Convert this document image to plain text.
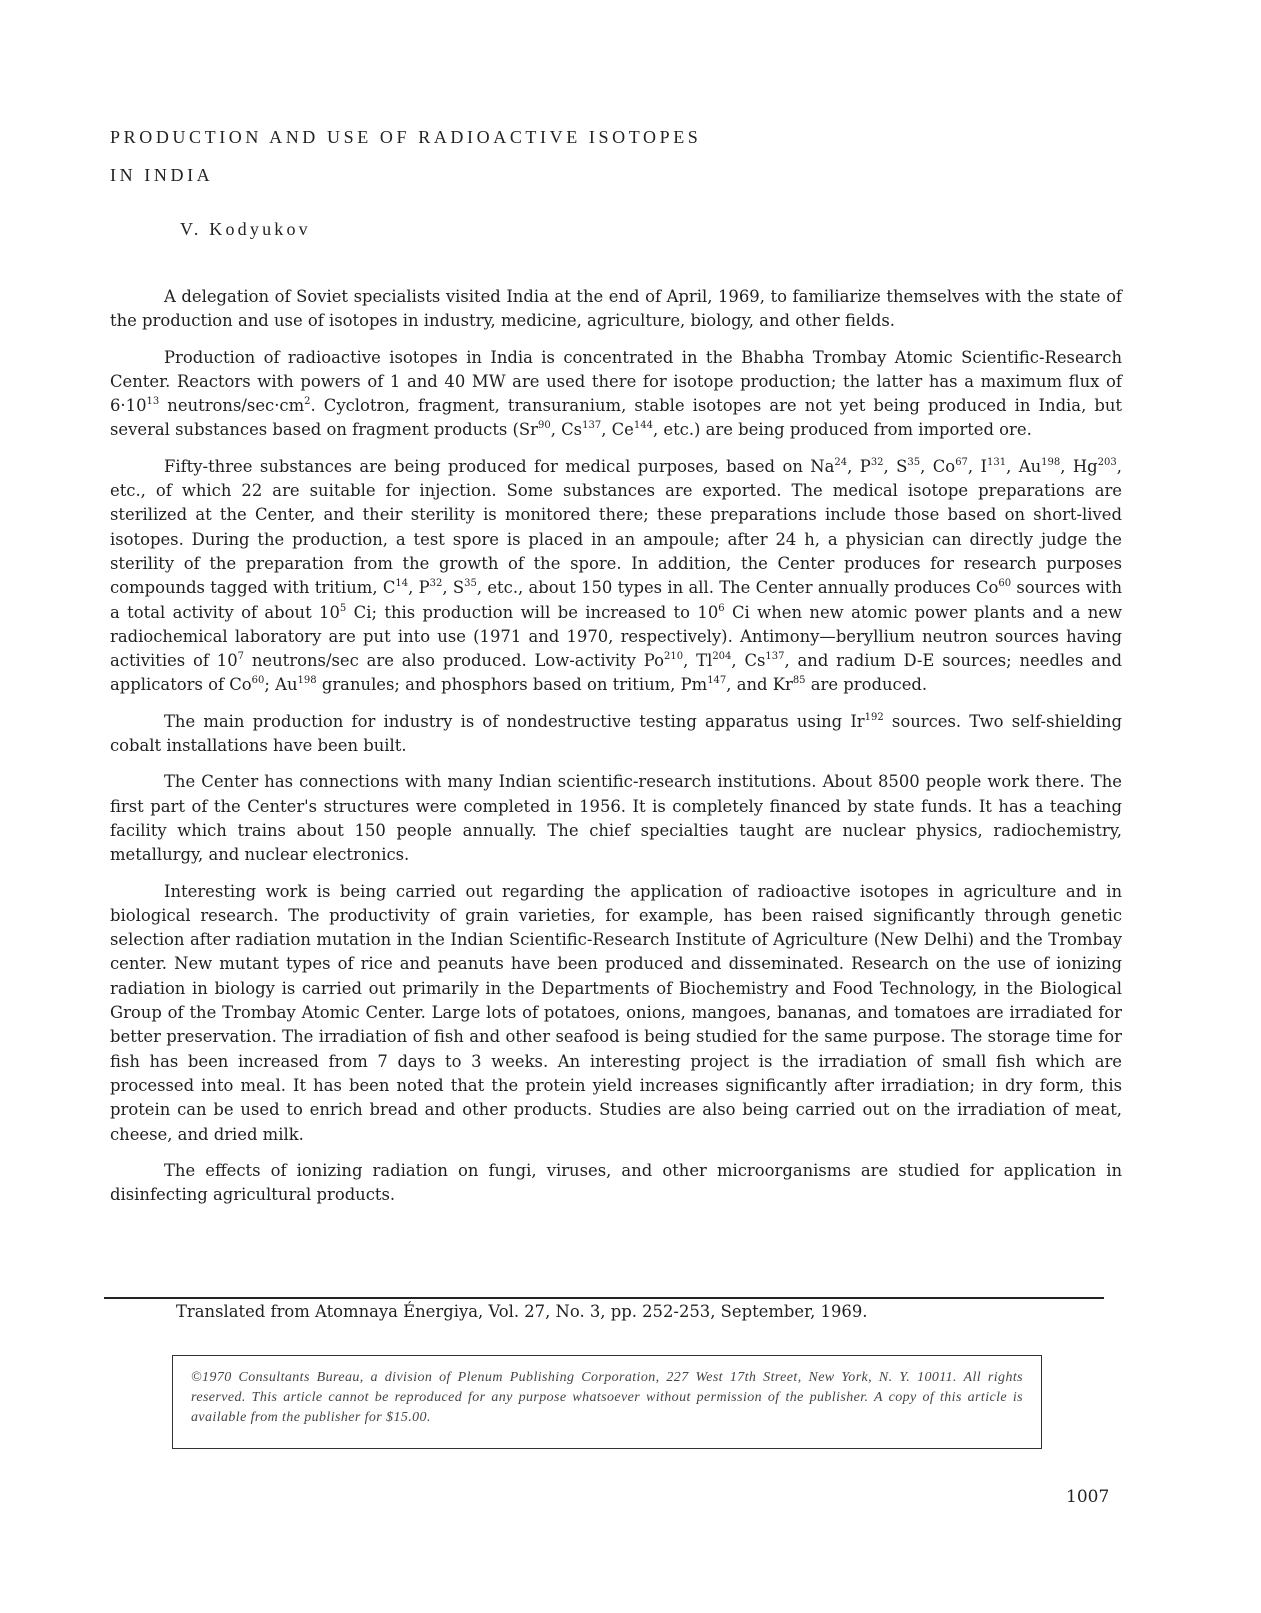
PRODUCTION AND USE OF RADIOACTIVE ISOTOPES
IN INDIA
V. Kodyukov

A delegation of Soviet specialists visited India at the end of April, 1969, to familiarize themselves with the state of the production and use of isotopes in industry, medicine, agriculture, biology, and other fields.

Production of radioactive isotopes in India is concentrated in the Bhabha Trombay Atomic Scientific-Research Center. Reactors with powers of 1 and 40 MW are used there for isotope production; the latter has a maximum flux of $6\cdot 10^{13}$ neutrons/$\sec\cdot cm^2$. Cyclotron, fragment, transuranium, stable isotopes are not yet being produced in India, but several substances based on fragment products (Sr$^{90}$, Cs$^{137}$, Ce$^{144}$, etc.) are being produced from imported ore.

Fifty-three substances are being produced for medical purposes, based on Na$^{24}$, $P^{32}$, $S^{35}$, Co$^{67}$, $I^{131}$, Au$^{198}$, Hg$^{203}$, etc., of which 22 are suitable for injection. Some substances are exported. The medical isotope preparations are sterilized at the Center, and their sterility is monitored there; these preparations include those based on short-lived isotopes. During the production, a test spore is placed in an ampoule; after 24 h, a physician can directly judge the sterility of the preparation from the growth of the spore. In addition, the Center produces for research purposes compounds tagged with tritium, $C^{14}$, $P^{32}$, $S^{35}$, etc., about 150 types in all. The Center annually produces Co$^{60}$ sources with a total activity of about $10^5$ Ci; this production will be increased to $10^6$ Ci when new atomic power plants and a new radiochemical laboratory are put into use (1971 and 1970, respectively). Antimony—beryllium neutron sources having activities of $10^7$ neutrons/sec are also produced. Low-activity Po$^{210}$, Tl$^{204}$, Cs$^{137}$, and radium D-E sources; needles and applicators of Co$^{60}$; Au$^{198}$ granules; and phosphors based on tritium, Pm$^{147}$, and Kr$^{85}$ are produced.

The main production for industry is of nondestructive testing apparatus using Ir$^{192}$ sources. Two self-shielding cobalt installations have been built.

The Center has connections with many Indian scientific-research institutions. About 8500 people work there. The first part of the Center's structures were completed in 1956. It is completely financed by state funds. It has a teaching facility which trains about 150 people annually. The chief specialties taught are nuclear physics, radiochemistry, metallurgy, and nuclear electronics.

Interesting work is being carried out regarding the application of radioactive isotopes in agriculture and in biological research. The productivity of grain varieties, for example, has been raised significantly through genetic selection after radiation mutation in the Indian Scientific-Research Institute of Agriculture (New Delhi) and the Trombay center. New mutant types of rice and peanuts have been produced and disseminated. Research on the use of ionizing radiation in biology is carried out primarily in the Departments of Biochemistry and Food Technology, in the Biological Group of the Trombay Atomic Center. Large lots of potatoes, onions, mangoes, bananas, and tomatoes are irradiated for better preservation. The irradiation of fish and other seafood is being studied for the same purpose. The storage time for fish has been increased from 7 days to 3 weeks. An interesting project is the irradiation of small fish which are processed into meal. It has been noted that the protein yield increases significantly after irradiation; in dry form, this protein can be used to enrich bread and other products. Studies are also being carried out on the irradiation of meat, cheese, and dried milk.

The effects of ionizing radiation on fungi, viruses, and other microorganisms are studied for application in disinfecting agricultural products.

Translated from Atomnaya Énergiya, Vol. 27, No. 3, pp. 252-253, September, 1969.
©1970 Consultants Bureau, a division of Plenum Publishing Corporation, 227 West 17th Street, New York, N. Y. 10011. All rights reserved. This article cannot be reproduced for any purpose whatsoever without permission of the publisher. A copy of this article is available from the publisher for $15.00.
1007
